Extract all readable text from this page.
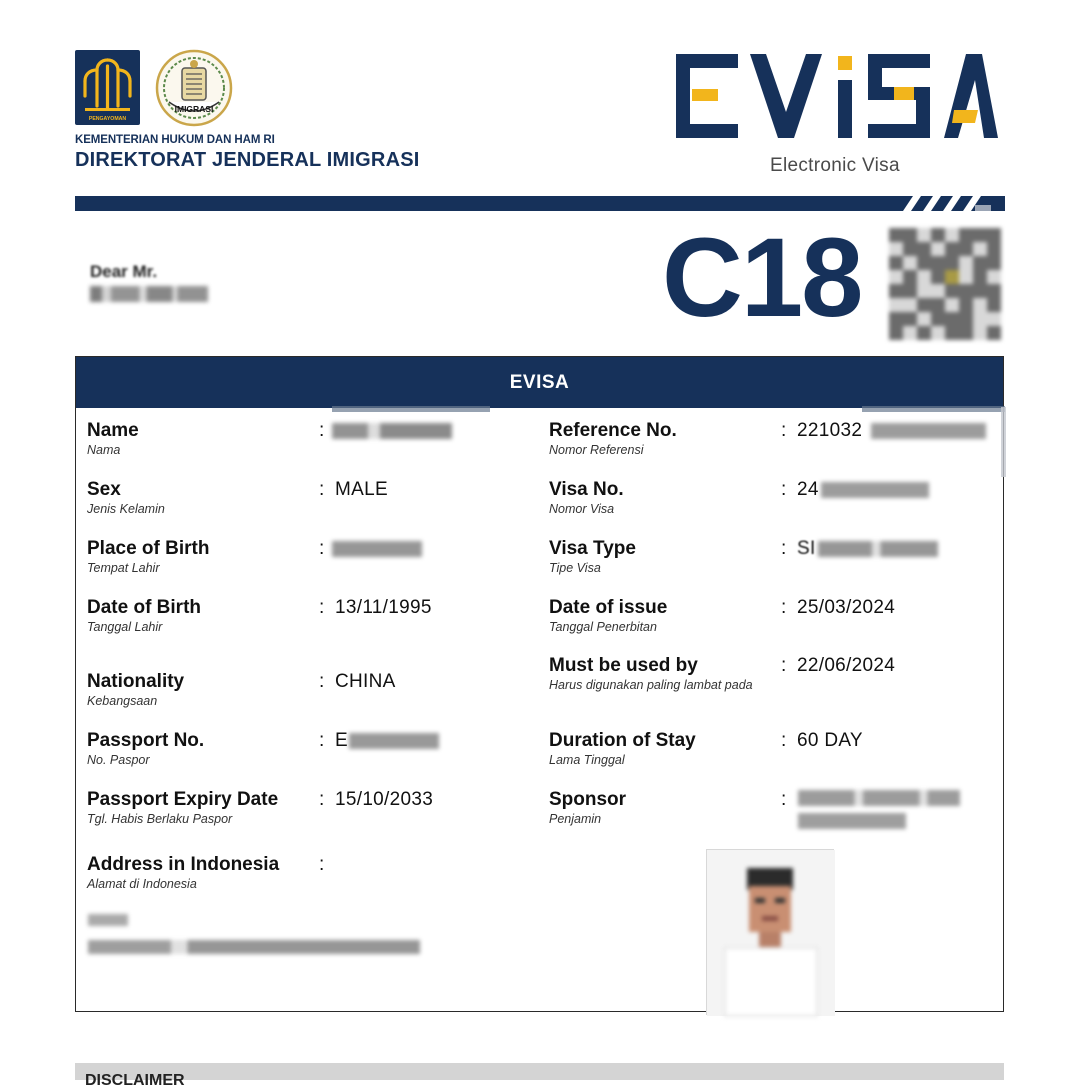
PENGAYOMAN
IMIGRASI
KEMENTERIAN HUKUM DAN HAM RI
DIREKTORAT JENDERAL IMIGRASI	Electronic Visa
Dear Mr.	C18
EVISA
Name
Nama
:
Sex
Jenis Kelamin
: MALE
Place of Birth
Tempat Lahir
:
Date of Birth
Tanggal Lahir
: 13/11/1995
Nationality
Kebangsaan
: CHINA
Passport No.
No. Paspor
: E
Passport Expiry Date
Tgl. Habis Berlaku Paspor
: 15/10/2033
Address in Indonesia
Alamat di Indonesia
:
Reference No.
Nomor Referensi
: 221032
Visa No.
Nomor Visa
: 24
Visa Type
Tipe Visa
: SI
Date of issue
Tanggal Penerbitan
: 25/03/2024
Must be used by
Harus digunakan paling lambat pada
: 22/06/2024
Duration of Stay
Lama Tinggal
: 60 DAY
Sponsor
Penjamin
:
DISCLAIMER
